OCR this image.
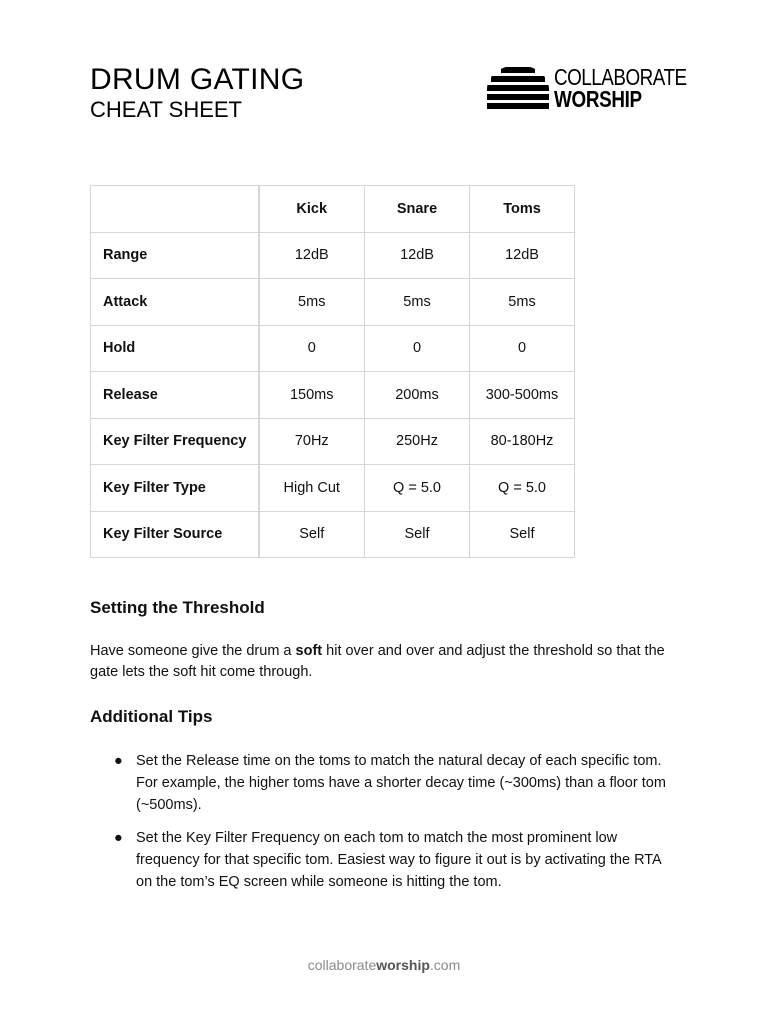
DRUM GATING
CHEAT SHEET
COLLABORATE
WORSHIP
	Kick	Snare	Toms
Range	12dB	12dB	12dB
Attack	5ms	5ms	5ms
Hold	0	0	0
Release	150ms	200ms	300-500ms
Key Filter Frequency	70Hz	250Hz	80-180Hz
Key Filter Type	High Cut	Q = 5.0	Q = 5.0
Key Filter Source	Self	Self	Self
Setting the Threshold
Have someone give the drum a soft hit over and over and adjust the threshold so that the gate lets the soft hit come through.
Additional Tips
● Set the Release time on the toms to match the natural decay of each specific tom. For example, the higher toms have a shorter decay time (~300ms) than a floor tom (~500ms).
● Set the Key Filter Frequency on each tom to match the most prominent low frequency for that specific tom. Easiest way to figure it out is by activating the RTA on the tom’s EQ screen while someone is hitting the tom.
collaborateworship.com
